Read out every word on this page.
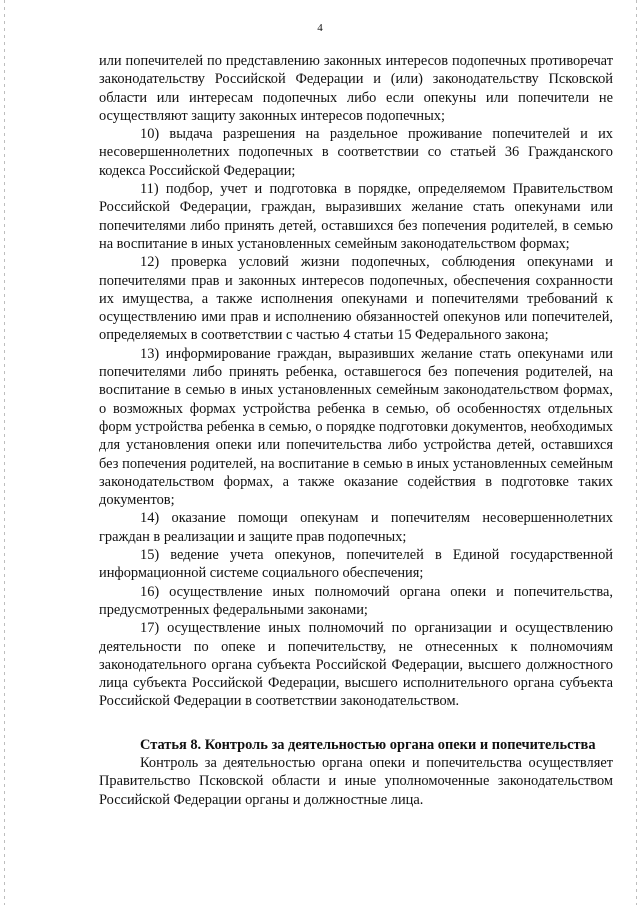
4

или попечителей по представлению законных интересов подопечных противоречат законодательству Российской Федерации и (или) законодательству Псковской области или интересам подопечных либо если опекуны или попечители не осуществляют защиту законных интересов подопечных;

10) выдача разрешения на раздельное проживание попечителей и их несовершеннолетних подопечных в соответствии со статьей 36 Гражданского кодекса Российской Федерации;

11) подбор, учет и подготовка в порядке, определяемом Правительством Российской Федерации, граждан, выразивших желание стать опекунами или попечителями либо принять детей, оставшихся без попечения родителей, в семью на воспитание в иных установленных семейным законодательством формах;

12) проверка условий жизни подопечных, соблюдения опекунами и попечителями прав и законных интересов подопечных, обеспечения сохранности их имущества, а также исполнения опекунами и попечителями требований к осуществлению ими прав и исполнению обязанностей опекунов или попечителей, определяемых в соответствии с частью 4 статьи 15 Федерального закона;

13) информирование граждан, выразивших желание стать опекунами или попечителями либо принять ребенка, оставшегося без попечения родителей, на воспитание в семью в иных установленных семейным законодательством формах, о возможных формах устройства ребенка в семью, об особенностях отдельных форм устройства ребенка в семью, о порядке подготовки документов, необходимых для установления опеки или попечительства либо устройства детей, оставшихся без попечения родителей, на воспитание в семью в иных установленных семейным законодательством формах, а также оказание содействия в подготовке таких документов;

14) оказание помощи опекунам и попечителям несовершеннолетних граждан в реализации и защите прав подопечных;

15) ведение учета опекунов, попечителей в Единой государственной информационной системе социального обеспечения;

16) осуществление иных полномочий органа опеки и попечительства, предусмотренных федеральными законами;

17) осуществление иных полномочий по организации и осуществлению деятельности по опеке и попечительству, не отнесенных к полномочиям законодательного органа субъекта Российской Федерации, высшего должностного лица субъекта Российской Федерации, высшего исполнительного органа субъекта Российской Федерации в соответствии законодательством.

Статья 8. Контроль за деятельностью органа опеки и попечительства

Контроль за деятельностью органа опеки и попечительства осуществляет Правительство Псковской области и иные уполномоченные законодательством Российской Федерации органы и должностные лица.
